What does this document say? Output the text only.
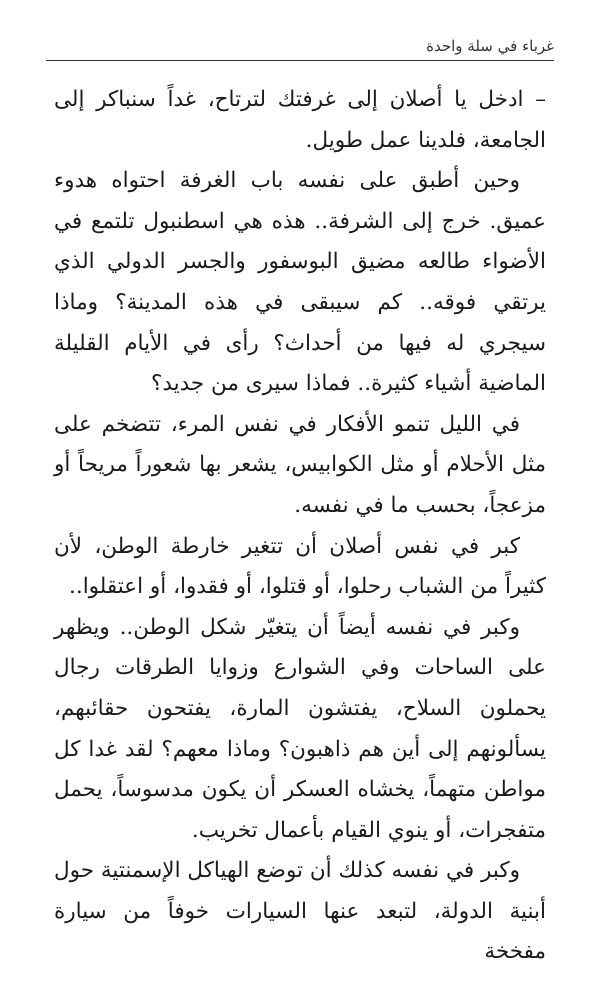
غرباء في سلة واحدة

– ادخل يا أصلان إلى غرفتك لترتاح، غداً سنباكر إلى الجامعة، فلدينا عمل طويل.

وحين أطبق على نفسه باب الغرفة احتواه هدوء عميق. خرج إلى الشرفة.. هذه هي اسطنبول تلتمع في الأضواء طالعه مضيق البوسفور والجسر الدولي الذي يرتقي فوقه.. كم سيبقى في هذه المدينة؟ وماذا سيجري له فيها من أحداث؟ رأى في الأيام القليلة الماضية أشياء كثيرة.. فماذا سيرى من جديد؟

في الليل تنمو الأفكار في نفس المرء، تتضخم على مثل الأحلام أو مثل الكوابيس، يشعر بها شعوراً مريحاً أو مزعجاً، بحسب ما في نفسه.

كبر في نفس أصلان أن تتغير خارطة الوطن، لأن كثيراً من الشباب رحلوا، أو قتلوا، أو فقدوا، أو اعتقلوا..

وكبر في نفسه أيضاً أن يتغيّر شكل الوطن.. ويظهر على الساحات وفي الشوارع وزوايا الطرقات رجال يحملون السلاح، يفتشون المارة، يفتحون حقائبهم، يسألونهم إلى أين هم ذاهبون؟ وماذا معهم؟ لقد غدا كل مواطن متهماً، يخشاه العسكر أن يكون مدسوساً، يحمل متفجرات، أو ينوي القيام بأعمال تخريب.

وكبر في نفسه كذلك أن توضع الهياكل الإسمنتية حول أبنية الدولة، لتبعد عنها السيارات خوفاً من سيارة مفخخة
